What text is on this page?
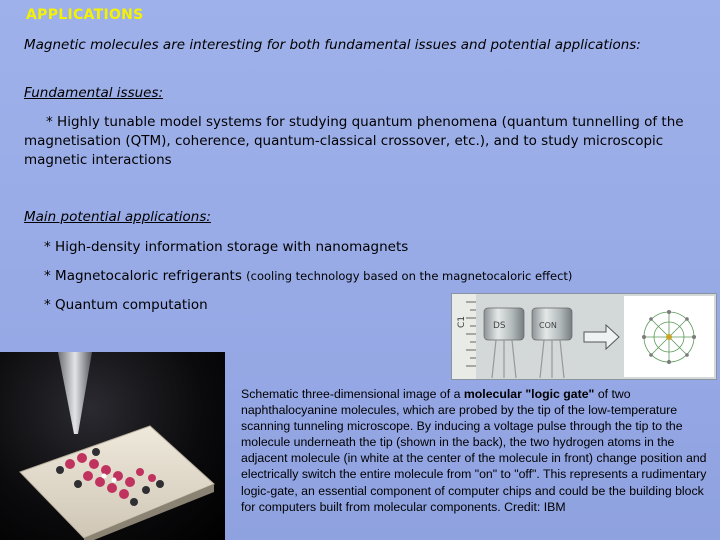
APPLICATIONS
Magnetic molecules are interesting for both fundamental issues and potential applications:
Fundamental issues:
* Highly tunable model systems for studying quantum phenomena (quantum tunnelling of the magnetisation (QTM), coherence, quantum-classical crossover, etc.), and to study microscopic magnetic interactions
Main potential applications:
* High-density information storage with nanomagnets
* Magnetocaloric refrigerants (cooling technology based on the magnetocaloric effect)
* Quantum computation
C1	DS	CON
Schematic three-dimensional image of a molecular "logic gate" of two naphthalocyanine molecules, which are probed by the tip of the low-temperature scanning tunneling microscope. By inducing a voltage pulse through the tip to the molecule underneath the tip (shown in the back), the two hydrogen atoms in the adjacent molecule (in white at the center of the molecule in front) change position and electrically switch the entire molecule from "on" to "off". This represents a rudimentary logic-gate, an essential component of computer chips and could be the building block for computers built from molecular components. Credit: IBM
